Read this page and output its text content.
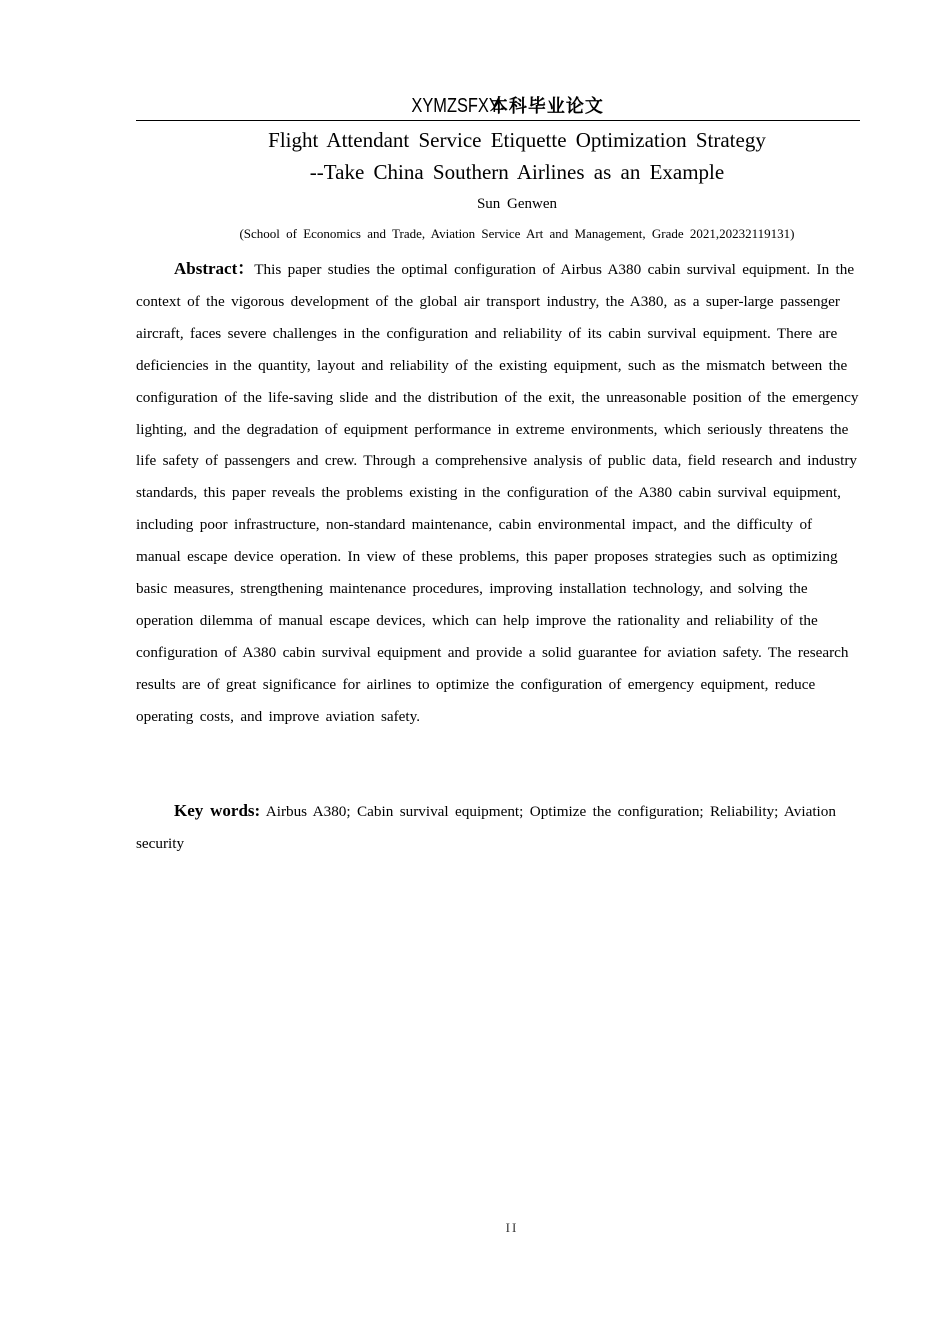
XYMZSFXY 本科毕业论文
Flight Attendant Service Etiquette Optimization Strategy
--Take China Southern Airlines as an Example
Sun Genwen
(School of Economics and Trade, Aviation Service Art and Management, Grade 2021,20232119131)

Abstract：This paper studies the optimal configuration of Airbus A380 cabin survival equipment. In the context of the vigorous development of the global air transport industry, the A380, as a super-large passenger aircraft, faces severe challenges in the configuration and reliability of its cabin survival equipment. There are deficiencies in the quantity, layout and reliability of the existing equipment, such as the mismatch between the configuration of the life-saving slide and the distribution of the exit, the unreasonable position of the emergency lighting, and the degradation of equipment performance in extreme environments, which seriously threatens the life safety of passengers and crew. Through a comprehensive analysis of public data, field research and industry standards, this paper reveals the problems existing in the configuration of the A380 cabin survival equipment, including poor infrastructure, non-standard maintenance, cabin environmental impact, and the difficulty of manual escape device operation. In view of these problems, this paper proposes strategies such as optimizing basic measures, strengthening maintenance procedures, improving installation technology, and solving the operation dilemma of manual escape devices, which can help improve the rationality and reliability of the configuration of A380 cabin survival equipment and provide a solid guarantee for aviation safety. The research results are of great significance for airlines to optimize the configuration of emergency equipment, reduce operating costs, and improve aviation safety.

Key words: Airbus A380; Cabin survival equipment; Optimize the configuration; Reliability; Aviation security

II
